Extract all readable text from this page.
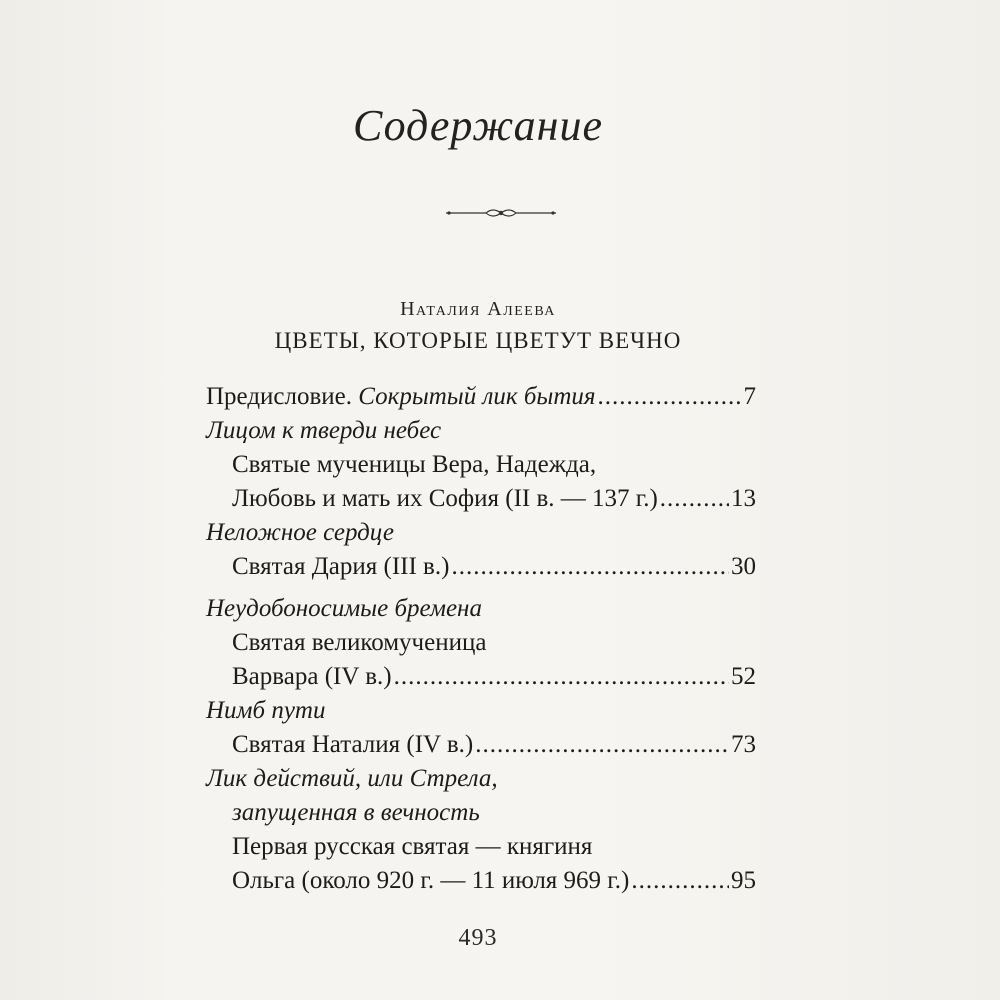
Содержание
Наталия Алеева
ЦВЕТЫ, КОТОРЫЕ ЦВЕТУТ ВЕЧНО
Предисловие.
Сокрытый лик бытия .....	7
Лицом к тверди небес
Святые мученицы Вера, Надежда,
Любовь и мать их София (II в. — 137 г.) .....	13
Неложное сердце
Святая Дария (III в.) .....	30
Неудобоносимые бремена
Святая великомученица
Варвара (IV в.) .....	52
Нимб пути
Святая Наталия (IV в.) .....	73
Лик действий, или Стрела,
запущенная в вечность
Первая русская святая — княгиня
Ольга (около 920 г. — 11 июля 969 г.) .....	95
493
